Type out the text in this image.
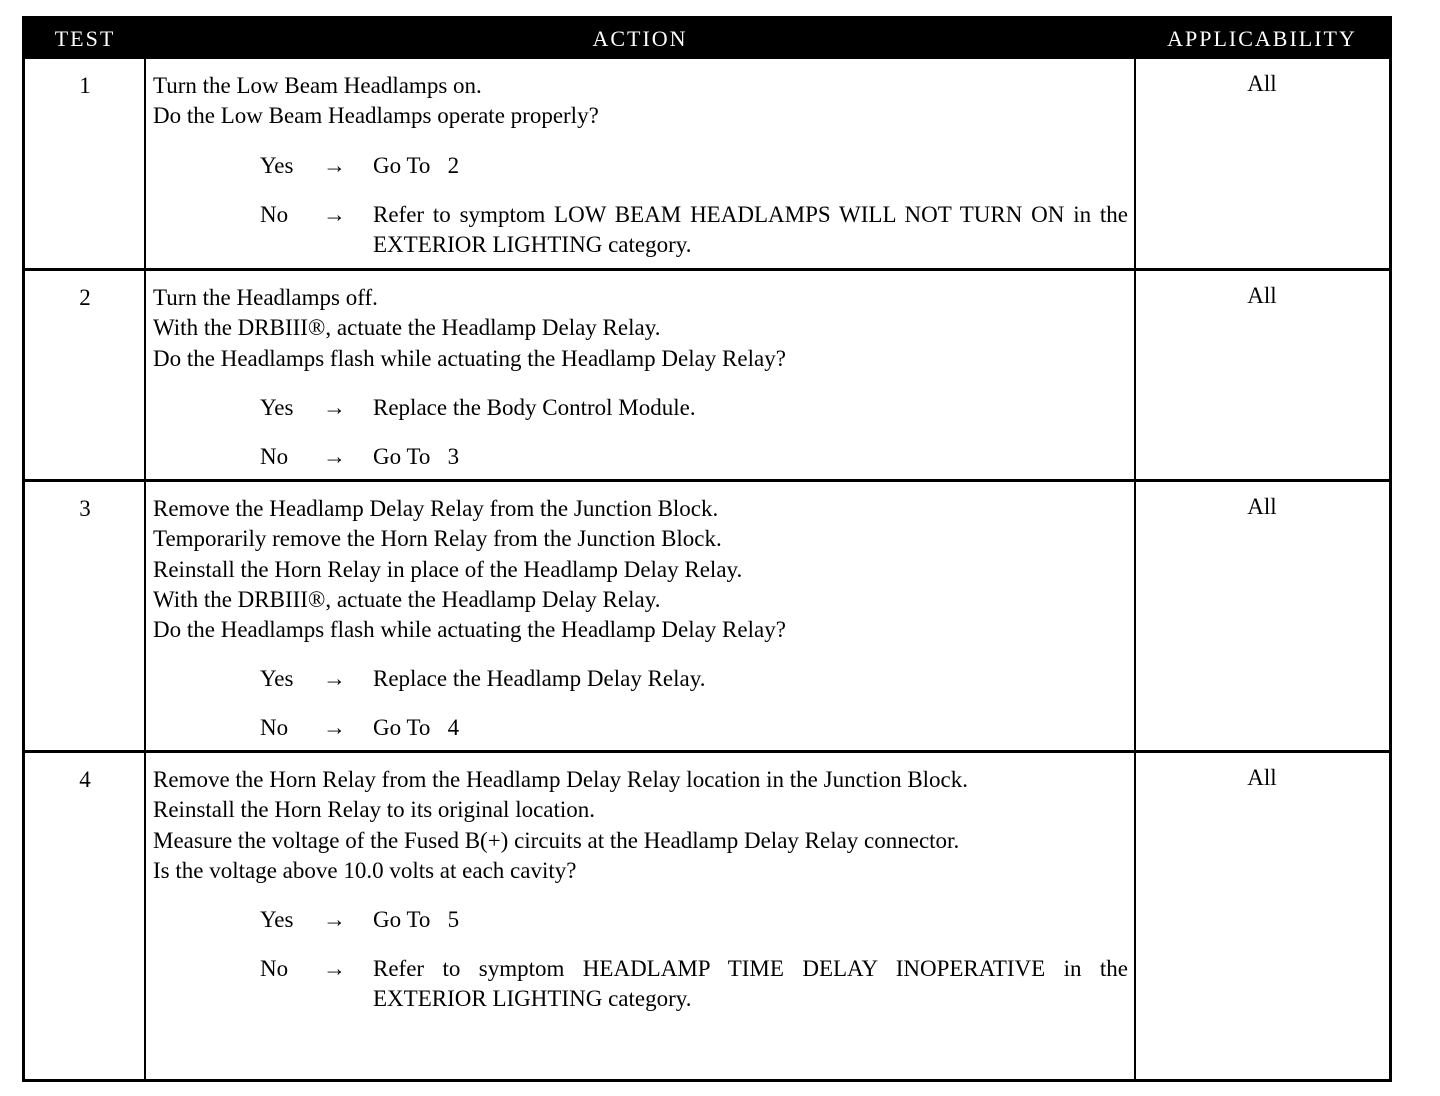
TEST	ACTION	APPLICABILITY
1	Turn the Low Beam Headlamps on.
Do the Low Beam Headlamps operate properly?
Yes → Go To   2
No → Refer to symptom LOW BEAM HEADLAMPS WILL NOT TURN ON in the EXTERIOR LIGHTING category.
All
2	Turn the Headlamps off.
With the DRBIII®, actuate the Headlamp Delay Relay.
Do the Headlamps flash while actuating the Headlamp Delay Relay?
Yes → Replace the Body Control Module.
No → Go To   3
All
3	Remove the Headlamp Delay Relay from the Junction Block.
Temporarily remove the Horn Relay from the Junction Block.
Reinstall the Horn Relay in place of the Headlamp Delay Relay.
With the DRBIII®, actuate the Headlamp Delay Relay.
Do the Headlamps flash while actuating the Headlamp Delay Relay?
Yes → Replace the Headlamp Delay Relay.
No → Go To   4
All
4	Remove the Horn Relay from the Headlamp Delay Relay location in the Junction Block.
Reinstall the Horn Relay to its original location.
Measure the voltage of the Fused B(+) circuits at the Headlamp Delay Relay connector.
Is the voltage above 10.0 volts at each cavity?
Yes → Go To   5
No → Refer to symptom HEADLAMP TIME DELAY INOPERATIVE in the EXTERIOR LIGHTING category.
All
